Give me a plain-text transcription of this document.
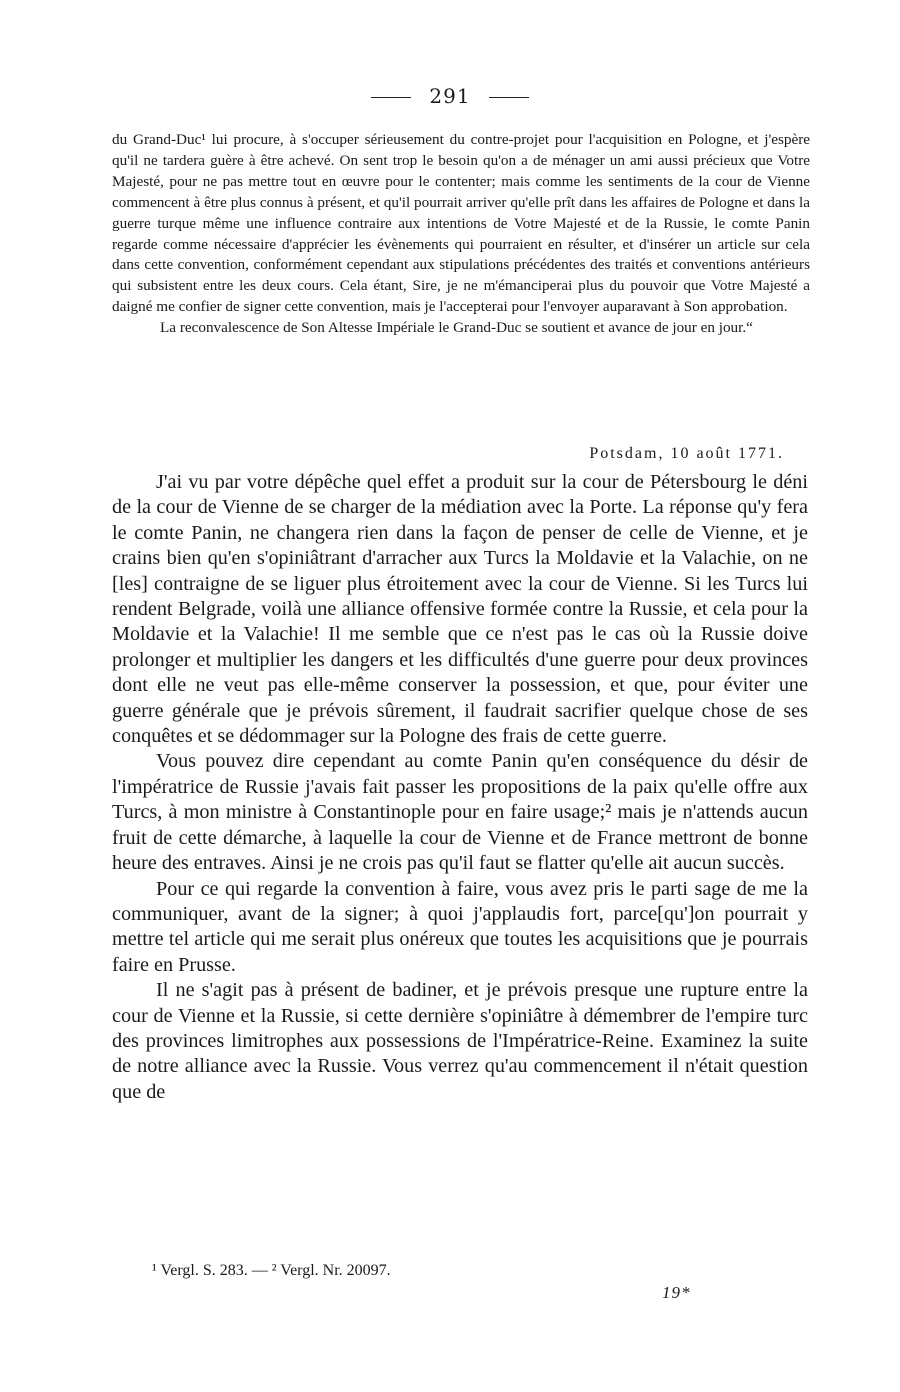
291

du Grand-Duc¹ lui procure, à s'occuper sérieusement du contre-projet pour l'acquisition en Pologne, et j'espère qu'il ne tardera guère à être achevé. On sent trop le besoin qu'on a de ménager un ami aussi précieux que Votre Majesté, pour ne pas mettre tout en œuvre pour le contenter; mais comme les sentiments de la cour de Vienne commencent à être plus connus à présent, et qu'il pourrait arriver qu'elle prît dans les affaires de Pologne et dans la guerre turque même une influence contraire aux intentions de Votre Majesté et de la Russie, le comte Panin regarde comme nécessaire d'apprécier les évènements qui pourraient en résulter, et d'insérer un article sur cela dans cette convention, conformément cependant aux stipulations précédentes des traités et conventions antérieurs qui subsistent entre les deux cours. Cela étant, Sire, je ne m'émanciperai plus du pouvoir que Votre Majesté a daigné me confier de signer cette convention, mais je l'accepterai pour l'envoyer auparavant à Son approbation.

La reconvalescence de Son Altesse Impériale le Grand-Duc se soutient et avance de jour en jour.“

Potsdam, 10 août 1771.

J'ai vu par votre dépêche quel effet a produit sur la cour de Pétersbourg le déni de la cour de Vienne de se charger de la médiation avec la Porte. La réponse qu'y fera le comte Panin, ne changera rien dans la façon de penser de celle de Vienne, et je crains bien qu'en s'opiniâtrant d'arracher aux Turcs la Moldavie et la Valachie, on ne [les] contraigne de se liguer plus étroitement avec la cour de Vienne. Si les Turcs lui rendent Belgrade, voilà une alliance offensive formée contre la Russie, et cela pour la Moldavie et la Valachie! Il me semble que ce n'est pas le cas où la Russie doive prolonger et multiplier les dangers et les difficultés d'une guerre pour deux provinces dont elle ne veut pas elle-même conserver la possession, et que, pour éviter une guerre générale que je prévois sûrement, il faudrait sacrifier quelque chose de ses conquêtes et se dédommager sur la Pologne des frais de cette guerre.

Vous pouvez dire cependant au comte Panin qu'en conséquence du désir de l'impératrice de Russie j'avais fait passer les propositions de la paix qu'elle offre aux Turcs, à mon ministre à Constantinople pour en faire usage;² mais je n'attends aucun fruit de cette démarche, à laquelle la cour de Vienne et de France mettront de bonne heure des entraves. Ainsi je ne crois pas qu'il faut se flatter qu'elle ait aucun succès.

Pour ce qui regarde la convention à faire, vous avez pris le parti sage de me la communiquer, avant de la signer; à quoi j'applaudis fort, parce[qu']on pourrait y mettre tel article qui me serait plus onéreux que toutes les acquisitions que je pourrais faire en Prusse.

Il ne s'agit pas à présent de badiner, et je prévois presque une rupture entre la cour de Vienne et la Russie, si cette dernière s'opiniâtre à démembrer de l'empire turc des provinces limitrophes aux possessions de l'Impératrice-Reine. Examinez la suite de notre alliance avec la Russie. Vous verrez qu'au commencement il n'était question que de

¹ Vergl. S. 283. — ² Vergl. Nr. 20097.
19*
